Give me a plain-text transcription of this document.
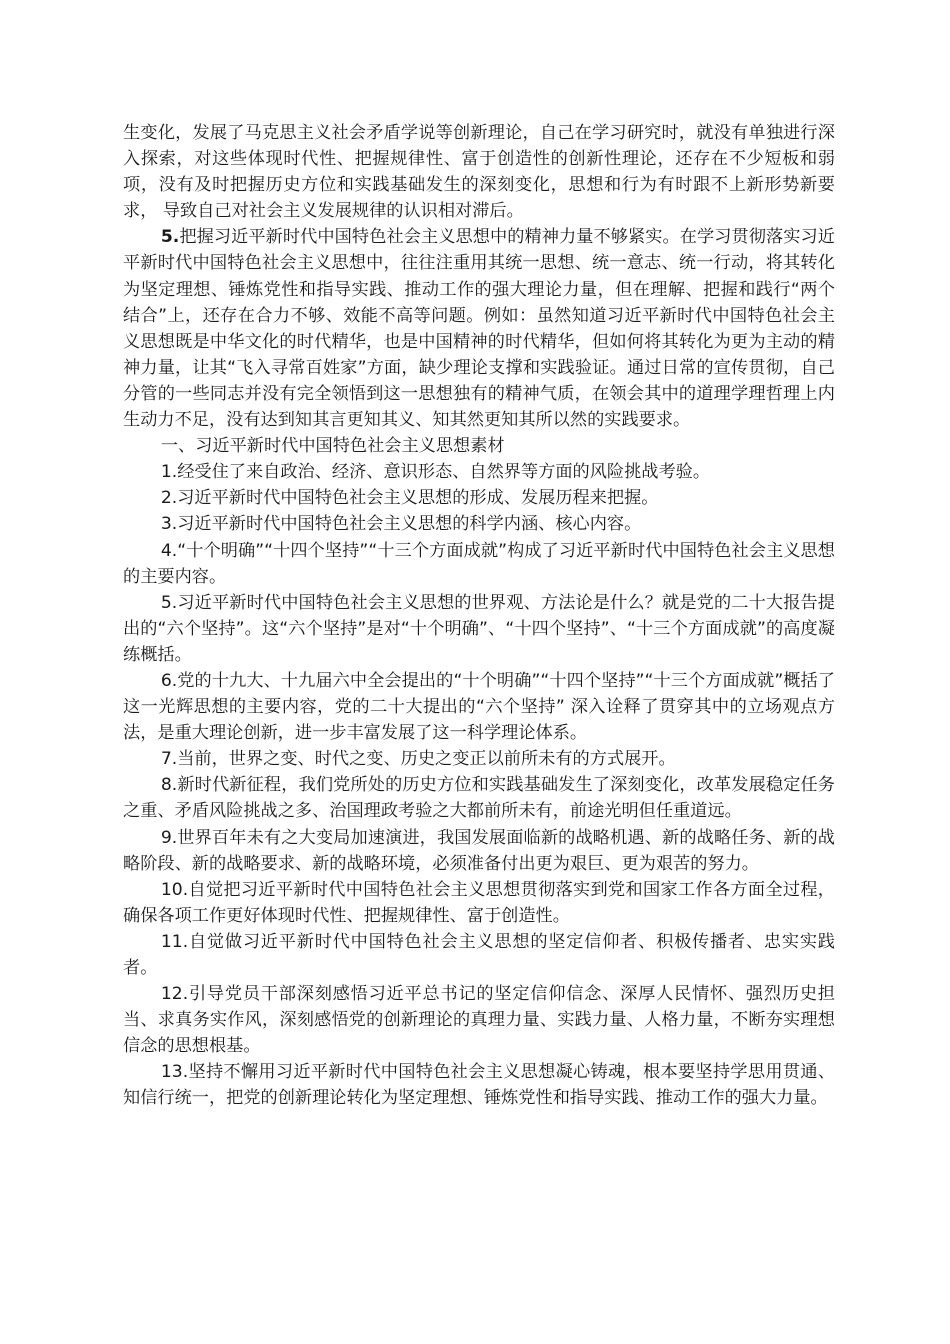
生变化，发展了马克思主义社会矛盾学说等创新理论，自己在学习研究时，就没有单独进行深入探索，对这些体现时代性、把握规律性、富于创造性的创新性理论，还存在不少短板和弱项，没有及时把握历史方位和实践基础发生的深刻变化，思想和行为有时跟不上新形势新要求， 导致自己对社会主义发展规律的认识相对滞后。

5.把握习近平新时代中国特色社会主义思想中的精神力量不够紧实。在学习贯彻落实习近平新时代中国特色社会主义思想中，往往注重用其统一思想、统一意志、统一行动，将其转化为坚定理想、锤炼党性和指导实践、推动工作的强大理论力量，但在理解、把握和践行“两个结合”上，还存在合力不够、效能不高等问题。例如：虽然知道习近平新时代中国特色社会主义思想既是中华文化的时代精华，也是中国精神的时代精华，但如何将其转化为更为主动的精神力量，让其“飞入寻常百姓家”方面，缺少理论支撑和实践验证。通过日常的宣传贯彻，自己分管的一些同志并没有完全领悟到这一思想独有的精神气质，在领会其中的道理学理哲理上内生动力不足，没有达到知其言更知其义、知其然更知其所以然的实践要求。

一、习近平新时代中国特色社会主义思想素材

1.经受住了来自政治、经济、意识形态、自然界等方面的风险挑战考验。

2.习近平新时代中国特色社会主义思想的形成、发展历程来把握。

3.习近平新时代中国特色社会主义思想的科学内涵、核心内容。

4.“十个明确”“十四个坚持”“十三个方面成就”构成了习近平新时代中国特色社会主义思想的主要内容。

5.习近平新时代中国特色社会主义思想的世界观、方法论是什么？就是党的二十大报告提出的“六个坚持”。这“六个坚持”是对“十个明确”、“十四个坚持”、“十三个方面成就”的高度凝练概括。

6.党的十九大、十九届六中全会提出的“十个明确”“十四个坚持”“十三个方面成就”概括了这一光辉思想的主要内容，党的二十大提出的“六个坚持” 深入诠释了贯穿其中的立场观点方法，是重大理论创新，进一步丰富发展了这一科学理论体系。

7.当前，世界之变、时代之变、历史之变正以前所未有的方式展开。

8.新时代新征程，我们党所处的历史方位和实践基础发生了深刻变化，改革发展稳定任务之重、矛盾风险挑战之多、治国理政考验之大都前所未有，前途光明但任重道远。

9.世界百年未有之大变局加速演进，我国发展面临新的战略机遇、新的战略任务、新的战略阶段、新的战略要求、新的战略环境，必须准备付出更为艰巨、更为艰苦的努力。

10.自觉把习近平新时代中国特色社会主义思想贯彻落实到党和国家工作各方面全过程，确保各项工作更好体现时代性、把握规律性、富于创造性。

11.自觉做习近平新时代中国特色社会主义思想的坚定信仰者、积极传播者、忠实实践者。

12.引导党员干部深刻感悟习近平总书记的坚定信仰信念、深厚人民情怀、强烈历史担当、求真务实作风，深刻感悟党的创新理论的真理力量、实践力量、人格力量，不断夯实理想信念的思想根基。

13.坚持不懈用习近平新时代中国特色社会主义思想凝心铸魂，根本要坚持学思用贯通、知信行统一，把党的创新理论转化为坚定理想、锤炼党性和指导实践、推动工作的强大力量。
